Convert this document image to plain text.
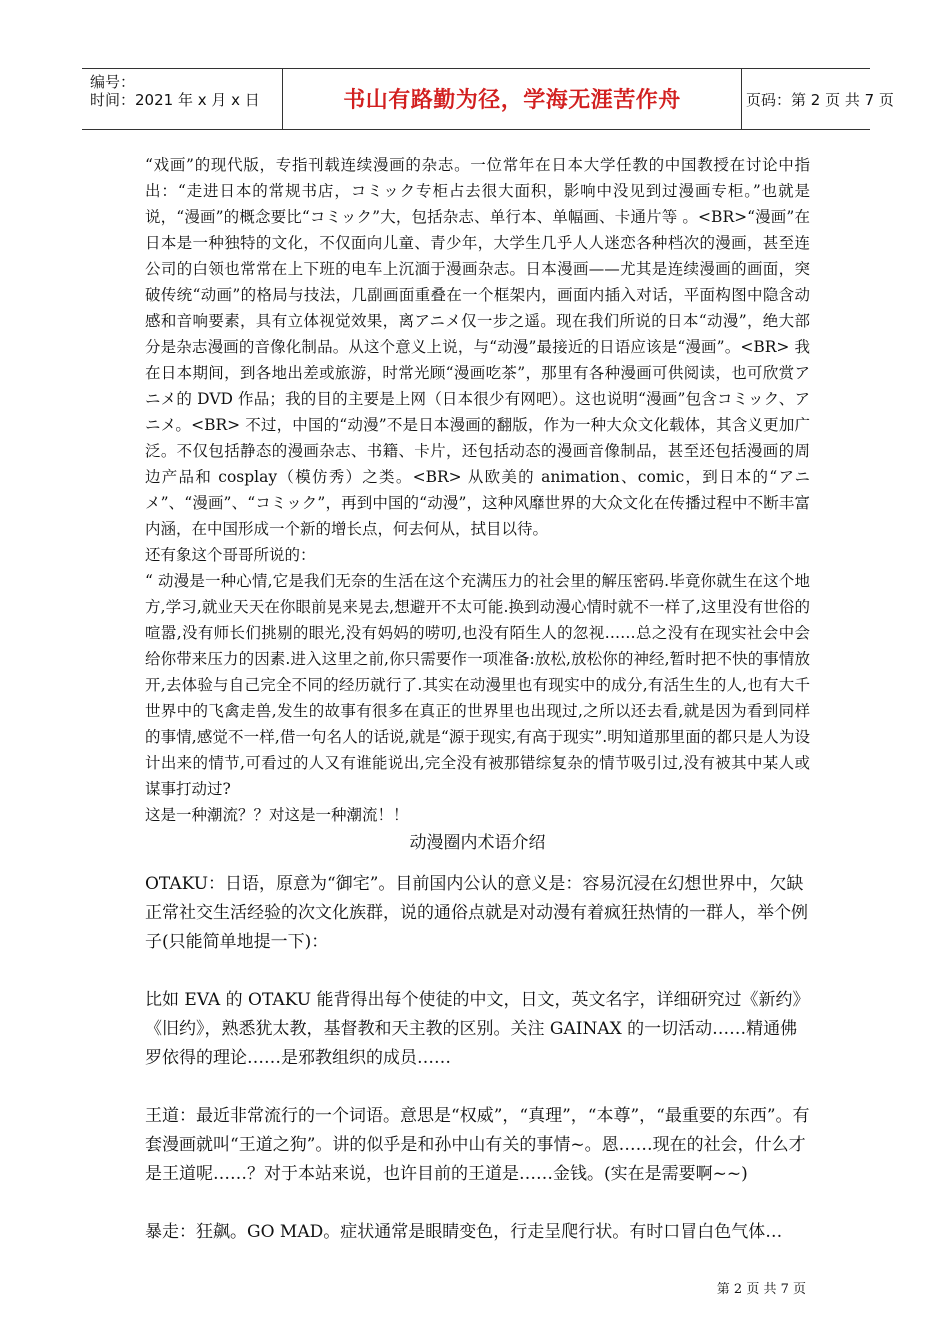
编号：
时间：2021 年 x 月 x 日	书山有路勤为径，学海无涯苦作舟	页码：第 2 页 共 7 页

“戏画”的现代版，专指刊载连续漫画的杂志。一位常年在日本大学任教的中国教授在讨论中指出：“走进日本的常规书店，コミック专柜占去很大面积，影响中没见到过漫画专柜。”也就是说，“漫画”的概念要比“コミック”大，包括杂志、单行本、单幅画、卡通片等 。<BR>“漫画”在日本是一种独特的文化，不仅面向儿童、青少年，大学生几乎人人迷恋各种档次的漫画，甚至连公司的白领也常常在上下班的电车上沉湎于漫画杂志。日本漫画——尤其是连续漫画的画面，突破传统“动画”的格局与技法，几副画面重叠在一个框架内，画面内插入对话，平面构图中隐含动感和音响要素，具有立体视觉效果，离アニメ仅一步之遥。现在我们所说的日本“动漫”，绝大部分是杂志漫画的音像化制品。从这个意义上说，与“动漫”最接近的日语应该是“漫画”。<BR> 我在日本期间，到各地出差或旅游，时常光顾“漫画吃茶”，那里有各种漫画可供阅读，也可欣赏アニメ的 DVD 作品；我的目的主要是上网（日本很少有网吧）。这也说明“漫画”包含コミック、アニメ。<BR> 不过，中国的“动漫”不是日本漫画的翻版，作为一种大众文化载体，其含义更加广泛。不仅包括静态的漫画杂志、书籍、卡片，还包括动态的漫画音像制品，甚至还包括漫画的周边产品和 cosplay（模仿秀）之类。<BR> 从欧美的 animation、comic，到日本的“アニメ”、“漫画”、“コミック”，再到中国的“动漫”，这种风靡世界的大众文化在传播过程中不断丰富内涵，在中国形成一个新的增长点，何去何从，拭目以待。

还有象这个哥哥所说的：

“ 动漫是一种心情,它是我们无奈的生活在这个充满压力的社会里的解压密码.毕竟你就生在这个地方,学习,就业天天在你眼前晃来晃去,想避开不太可能.换到动漫心情时就不一样了,这里没有世俗的喧嚣,没有师长们挑剔的眼光,没有妈妈的唠叨,也没有陌生人的忽视……总之没有在现实社会中会给你带来压力的因素.进入这里之前,你只需要作一项准备:放松,放松你的神经,暂时把不快的事情放开,去体验与自己完全不同的经历就行了.其实在动漫里也有现实中的成分,有活生生的人,也有大千世界中的飞禽走兽,发生的故事有很多在真正的世界里也出现过,之所以还去看,就是因为看到同样的事情,感觉不一样,借一句名人的话说,就是“源于现实,有高于现实”.明知道那里面的都只是人为设计出来的情节,可看过的人又有谁能说出,完全没有被那错综复杂的情节吸引过,没有被其中某人或谋事打动过?

这是一种潮流？？对这是一种潮流！！

动漫圈内术语介绍

OTAKU：日语，原意为“御宅”。目前国内公认的意义是：容易沉浸在幻想世界中，欠缺正常社交生活经验的次文化族群，说的通俗点就是对动漫有着疯狂热情的一群人，举个例子(只能简单地提一下)：

比如 EVA 的 OTAKU 能背得出每个使徒的中文，日文，英文名字，详细研究过《新约》《旧约》，熟悉犹太教，基督教和天主教的区别。关注 GAINAX 的一切活动……精通佛罗依得的理论……是邪教组织的成员……

王道：最近非常流行的一个词语。意思是“权威”，“真理”，“本尊”，“最重要的东西”。有套漫画就叫“王道之狗”。讲的似乎是和孙中山有关的事情~。恩……现在的社会，什么才是王道呢……？对于本站来说，也许目前的王道是……金钱。(实在是需要啊~~)

暴走：狂飙。GO MAD。症状通常是眼睛变色，行走呈爬行状。有时口冒白色气体…

第 2 页 共 7 页
